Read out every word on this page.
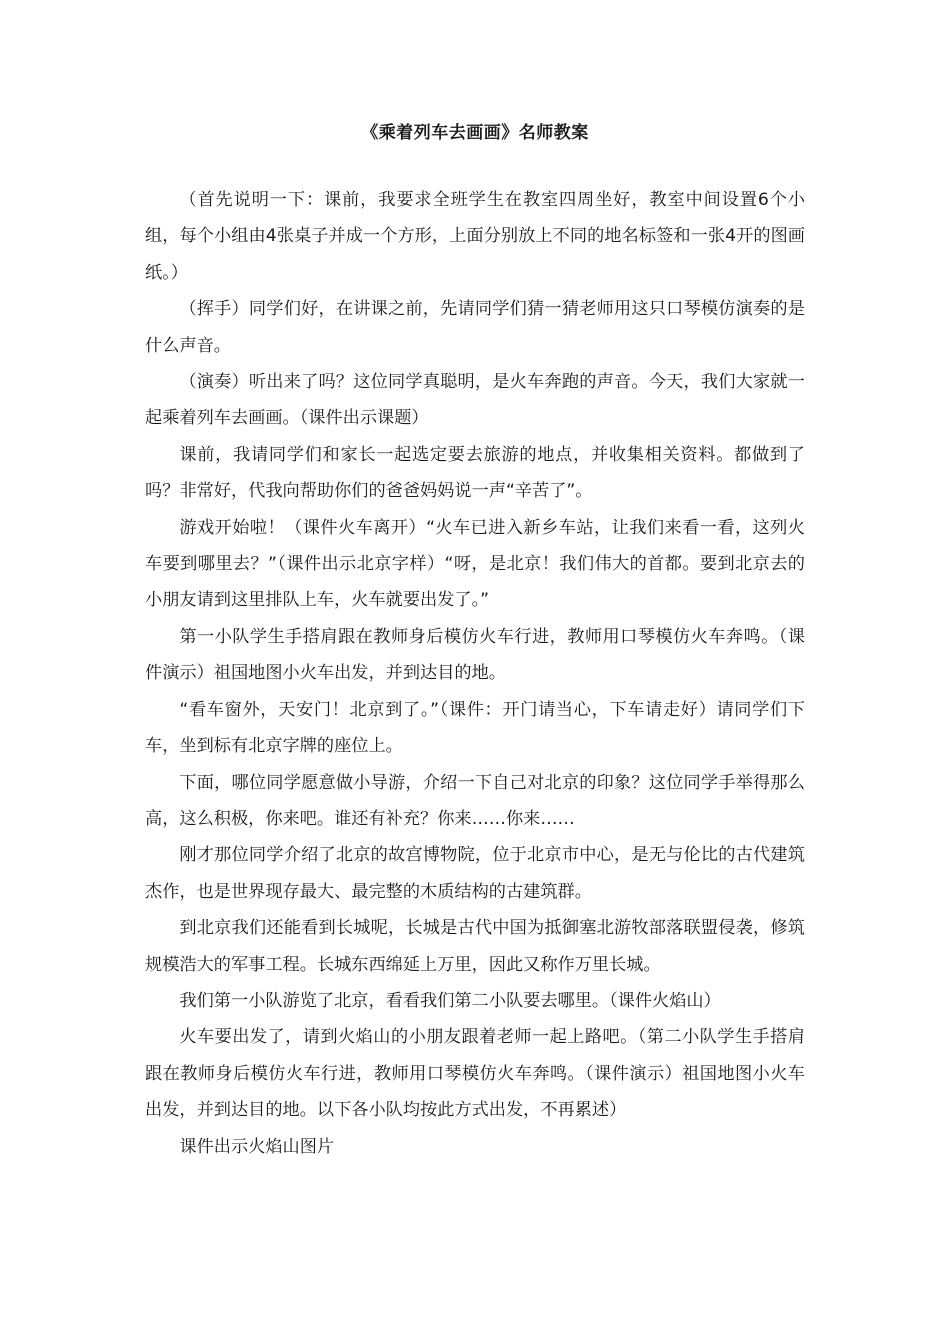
《乘着列车去画画》名师教案

（首先说明一下：课前，我要求全班学生在教室四周坐好，教室中间设置6个小组，每个小组由4张桌子并成一个方形，上面分别放上不同的地名标签和一张4开的图画纸。）

（挥手）同学们好，在讲课之前，先请同学们猜一猜老师用这只口琴模仿演奏的是什么声音。

（演奏）听出来了吗？这位同学真聪明，是火车奔跑的声音。今天，我们大家就一起乘着列车去画画。（课件出示课题）

课前，我请同学们和家长一起选定要去旅游的地点，并收集相关资料。都做到了吗？非常好，代我向帮助你们的爸爸妈妈说一声“辛苦了”。

游戏开始啦！（课件火车离开）“火车已进入新乡车站，让我们来看一看，这列火车要到哪里去？”（课件出示北京字样）“呀，是北京！我们伟大的首都。要到北京去的小朋友请到这里排队上车，火车就要出发了。”

第一小队学生手搭肩跟在教师身后模仿火车行进，教师用口琴模仿火车奔鸣。（课件演示）祖国地图小火车出发，并到达目的地。

“看车窗外，天安门！北京到了。”（课件：开门请当心，下车请走好）请同学们下车，坐到标有北京字牌的座位上。

下面，哪位同学愿意做小导游，介绍一下自己对北京的印象？这位同学手举得那么高，这么积极，你来吧。谁还有补充？你来……你来……

刚才那位同学介绍了北京的故宫博物院，位于北京市中心，是无与伦比的古代建筑杰作，也是世界现存最大、最完整的木质结构的古建筑群。

到北京我们还能看到长城呢，长城是古代中国为抵御塞北游牧部落联盟侵袭，修筑规模浩大的军事工程。长城东西绵延上万里，因此又称作万里长城。

我们第一小队游览了北京，看看我们第二小队要去哪里。（课件火焰山）

火车要出发了，请到火焰山的小朋友跟着老师一起上路吧。（第二小队学生手搭肩跟在教师身后模仿火车行进，教师用口琴模仿火车奔鸣。（课件演示）祖国地图小火车出发，并到达目的地。以下各小队均按此方式出发，不再累述）

课件出示火焰山图片
